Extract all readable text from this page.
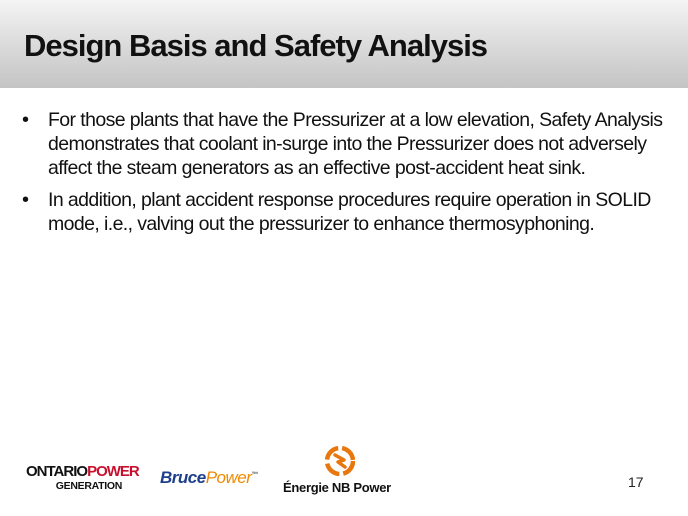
Design Basis and Safety Analysis
• For those plants that have the Pressurizer at a low elevation, Safety Analysis demonstrates that coolant in-surge into the Pressurizer does not adversely affect the steam generators as an effective post-accident heat sink.
• In addition, plant accident response procedures require operation in SOLID mode, i.e., valving out the pressurizer to enhance thermosyphoning.
ONTARIOPOWER
GENERATION	BrucePower™
Énergie NB Power	17
